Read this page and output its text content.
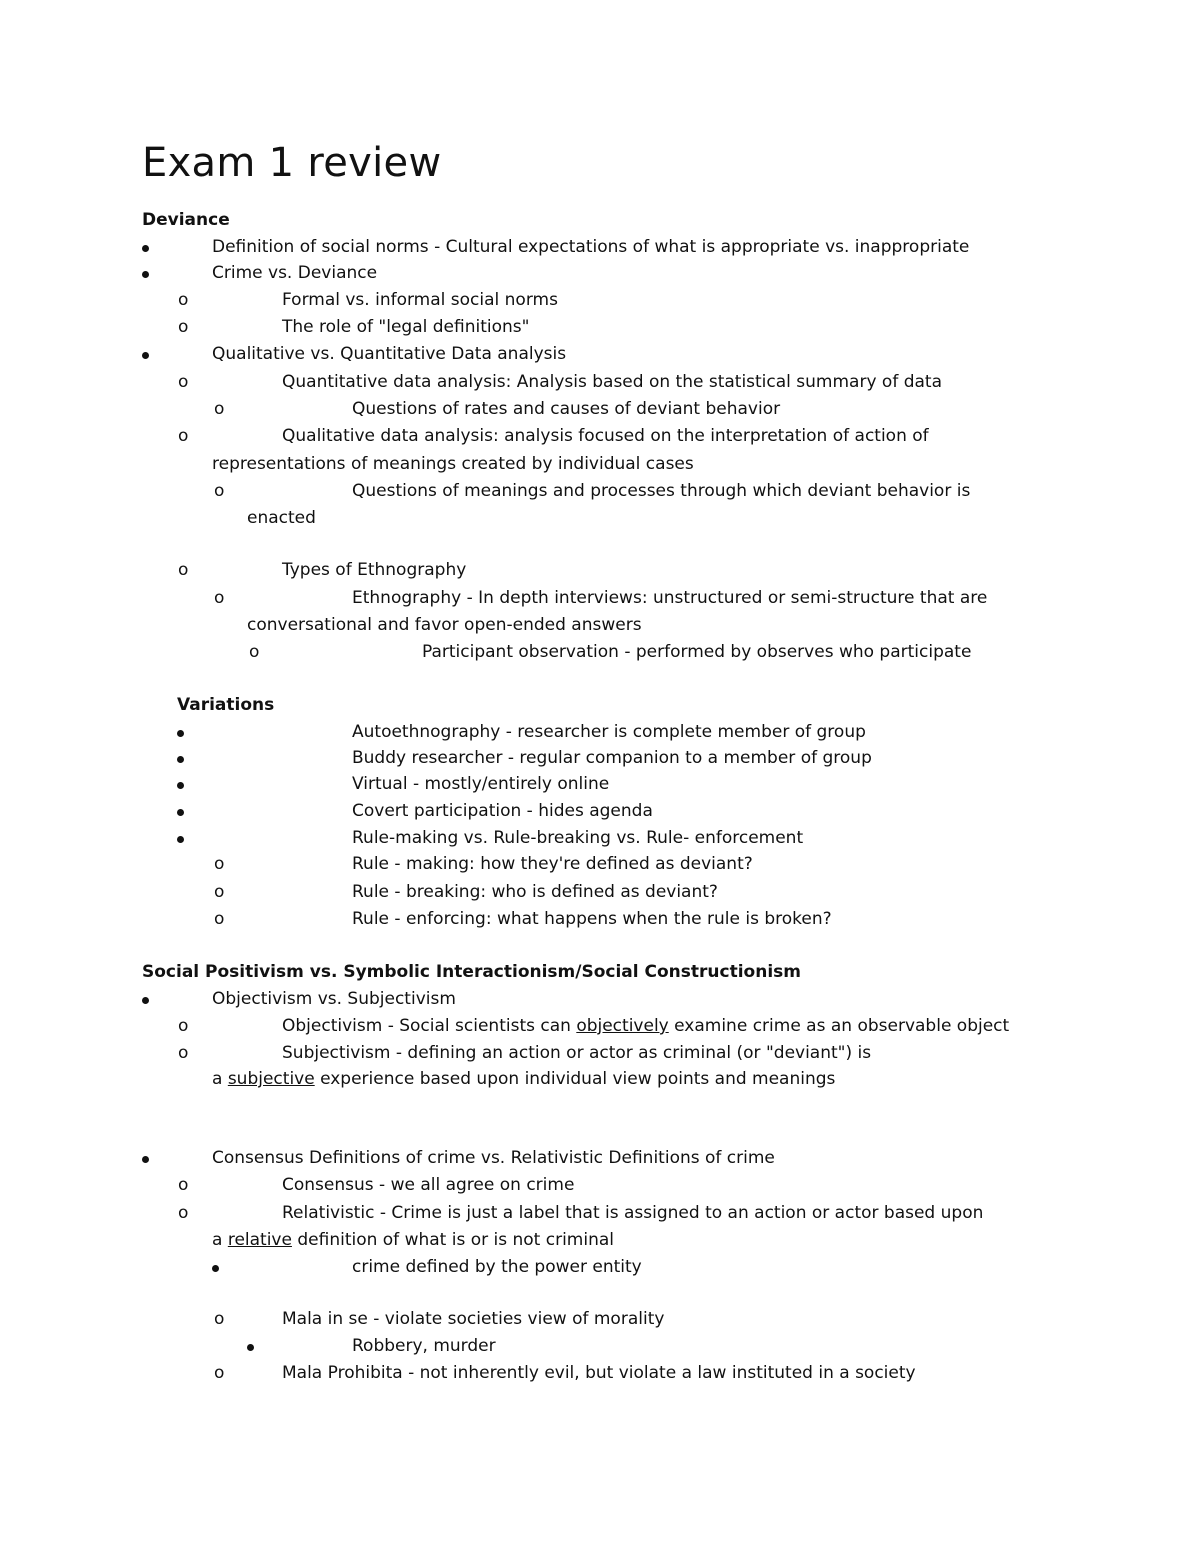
Exam 1 review
Deviance
Definition of social norms - Cultural expectations of what is appropriate vs. inappropriate
Crime vs. Deviance
o	Formal vs. informal social norms
o	The role of "legal definitions"
Qualitative vs. Quantitative Data analysis
o	Quantitative data analysis: Analysis based on the statistical summary of data
o	Questions of rates and causes of deviant behavior
o	Qualitative data analysis: analysis focused on the interpretation of action of
representations of meanings created by individual cases
o	Questions of meanings and processes through which deviant behavior is
enacted
o	Types of Ethnography
o	Ethnography - In depth interviews: unstructured or semi-structure that are
conversational and favor open-ended answers
o	Participant observation - performed by observes who participate
Variations
Autoethnography - researcher is complete member of group
Buddy researcher - regular companion to a member of group
Virtual - mostly/entirely online
Covert participation - hides agenda
Rule-making vs. Rule-breaking vs. Rule- enforcement
o	Rule - making: how they're defined as deviant?
o	Rule - breaking: who is defined as deviant?
o	Rule - enforcing: what happens when the rule is broken?
Social Positivism vs. Symbolic Interactionism/Social Constructionism
Objectivism vs. Subjectivism
o	Objectivism - Social scientists can objectively examine crime as an observable object
o	Subjectivism - defining an action or actor as criminal (or "deviant") is
a subjective experience based upon individual view points and meanings
Consensus Definitions of crime vs. Relativistic Definitions of crime
o	Consensus - we all agree on crime
o	Relativistic - Crime is just a label that is assigned to an action or actor based upon
a relative definition of what is or is not criminal
crime defined by the power entity
o	Mala in se - violate societies view of morality
Robbery, murder
o	Mala Prohibita - not inherently evil, but violate a law instituted in a society
